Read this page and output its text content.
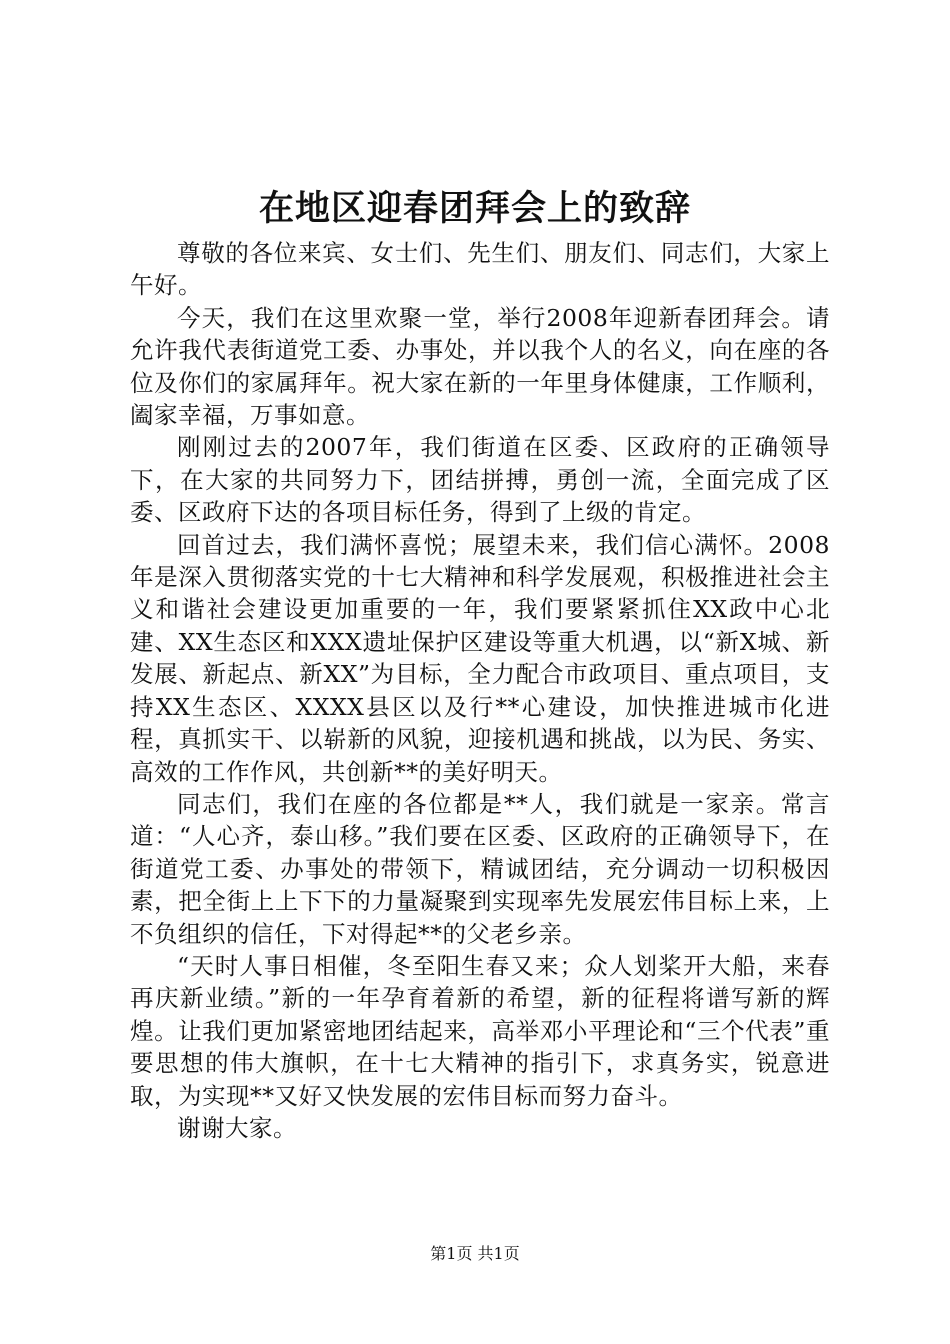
在地区迎春团拜会上的致辞

尊敬的各位来宾、女士们、先生们、朋友们、同志们，大家上午好。

今天，我们在这里欢聚一堂，举行2008年迎新春团拜会。请允许我代表街道党工委、办事处，并以我个人的名义，向在座的各位及你们的家属拜年。祝大家在新的一年里身体健康，工作顺利，阖家幸福，万事如意。

刚刚过去的2007年，我们街道在区委、区政府的正确领导下，在大家的共同努力下，团结拼搏，勇创一流，全面完成了区委、区政府下达的各项目标任务，得到了上级的肯定。

回首过去，我们满怀喜悦；展望未来，我们信心满怀。2008年是深入贯彻落实党的十七大精神和科学发展观，积极推进社会主义和谐社会建设更加重要的一年，我们要紧紧抓住XX政中心北建、XX生态区和XXX遗址保护区建设等重大机遇，以“新X城、新发展、新起点、新XX”为目标，全力配合市政项目、重点项目，支持XX生态区、XXXX县区以及行**心建设，加快推进城市化进程，真抓实干、以崭新的风貌，迎接机遇和挑战，以为民、务实、高效的工作作风，共创新**的美好明天。

同志们，我们在座的各位都是**人，我们就是一家亲。常言道：“人心齐，泰山移。”我们要在区委、区政府的正确领导下，在街道党工委、办事处的带领下，精诚团结，充分调动一切积极因素，把全街上上下下的力量凝聚到实现率先发展宏伟目标上来，上不负组织的信任，下对得起**的父老乡亲。

“天时人事日相催，冬至阳生春又来；众人划桨开大船，来春再庆新业绩。”新的一年孕育着新的希望，新的征程将谱写新的辉煌。让我们更加紧密地团结起来，高举邓小平理论和“三个代表”重要思想的伟大旗帜，在十七大精神的指引下，求真务实，锐意进取，为实现**又好又快发展的宏伟目标而努力奋斗。

谢谢大家。

第1页 共1页
